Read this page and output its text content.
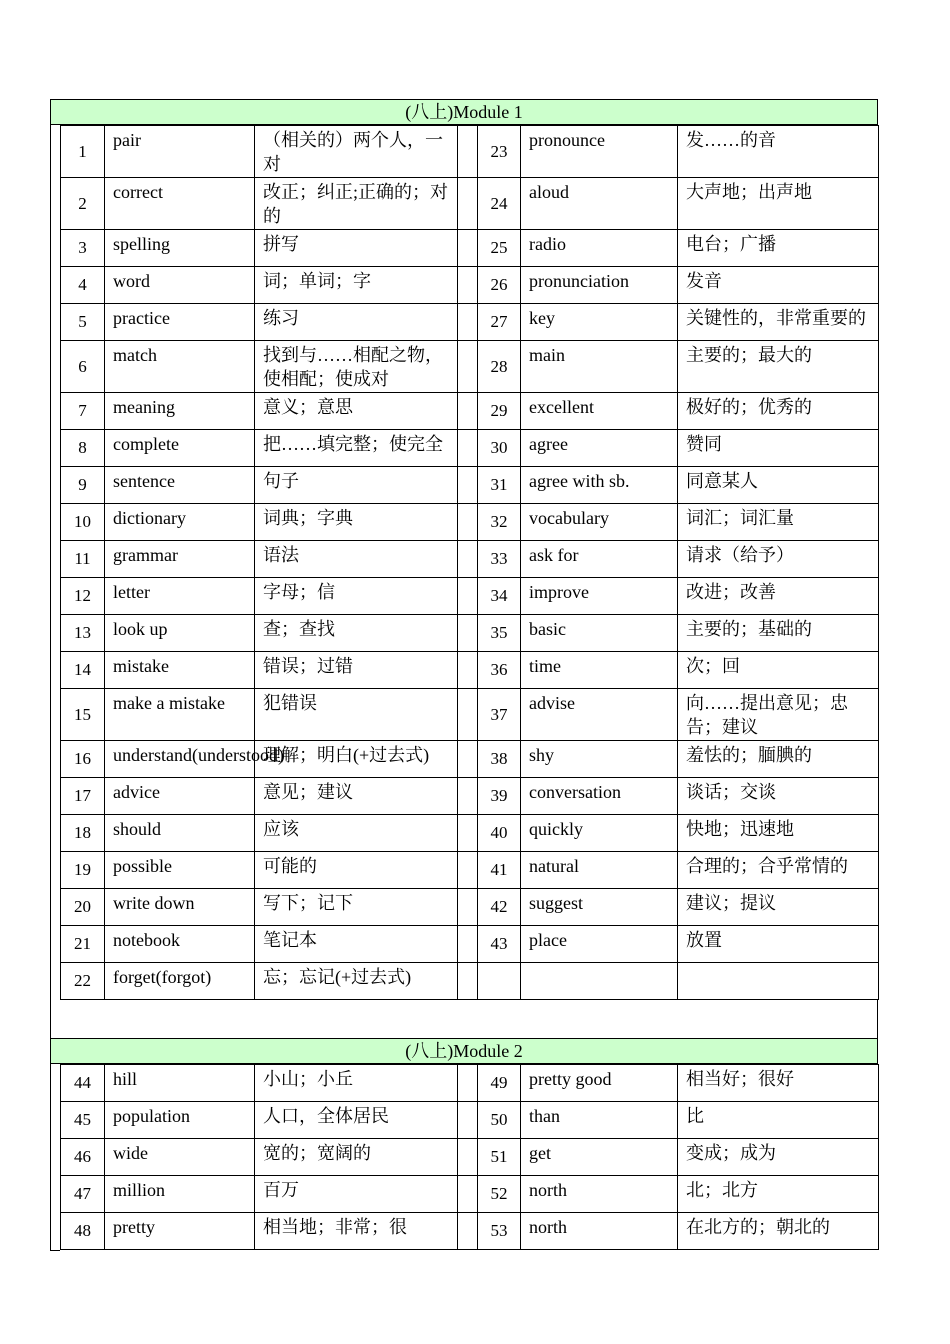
(八上)Module 1
1	pair	（相关的）两个人，一对		23	pronounce	发……的音
2	correct	改正；纠正;正确的；对的		24	aloud	大声地；出声地
3	spelling	拼写		25	radio	电台；广播
4	word	词；单词；字		26	pronunciation	发音
5	practice	练习		27	key	关键性的，非常重要的
6	match	找到与……相配之物，使相配；使成对		28	main	主要的；最大的
7	meaning	意义；意思		29	excellent	极好的；优秀的
8	complete	把……填完整；使完全		30	agree	赞同
9	sentence	句子		31	agree with sb.	同意某人
10	dictionary	词典；字典		32	vocabulary	词汇；词汇量
11	grammar	语法		33	ask for	请求（给予）
12	letter	字母；信		34	improve	改进；改善
13	look up	查；查找		35	basic	主要的；基础的
14	mistake	错误；过错		36	time	次；回
15	make a mistake	犯错误		37	advise	向……提出意见；忠告；建议
16	understand(understood)	理解；明白(+过去式)		38	shy	羞怯的；腼腆的
17	advice	意见；建议		39	conversation	谈话；交谈
18	should	应该		40	quickly	快地；迅速地
19	possible	可能的		41	natural	合理的；合乎常情的
20	write down	写下；记下		42	suggest	建议；提议
21	notebook	笔记本		43	place	放置
22	forget(forgot)	忘；忘记(+过去式)				
(八上)Module 2
44	hill	小山；小丘		49	pretty good	相当好；很好
45	population	人口，全体居民		50	than	比
46	wide	宽的；宽阔的		51	get	变成；成为
47	million	百万		52	north	北；北方
48	pretty	相当地；非常；很		53	north	在北方的；朝北的
